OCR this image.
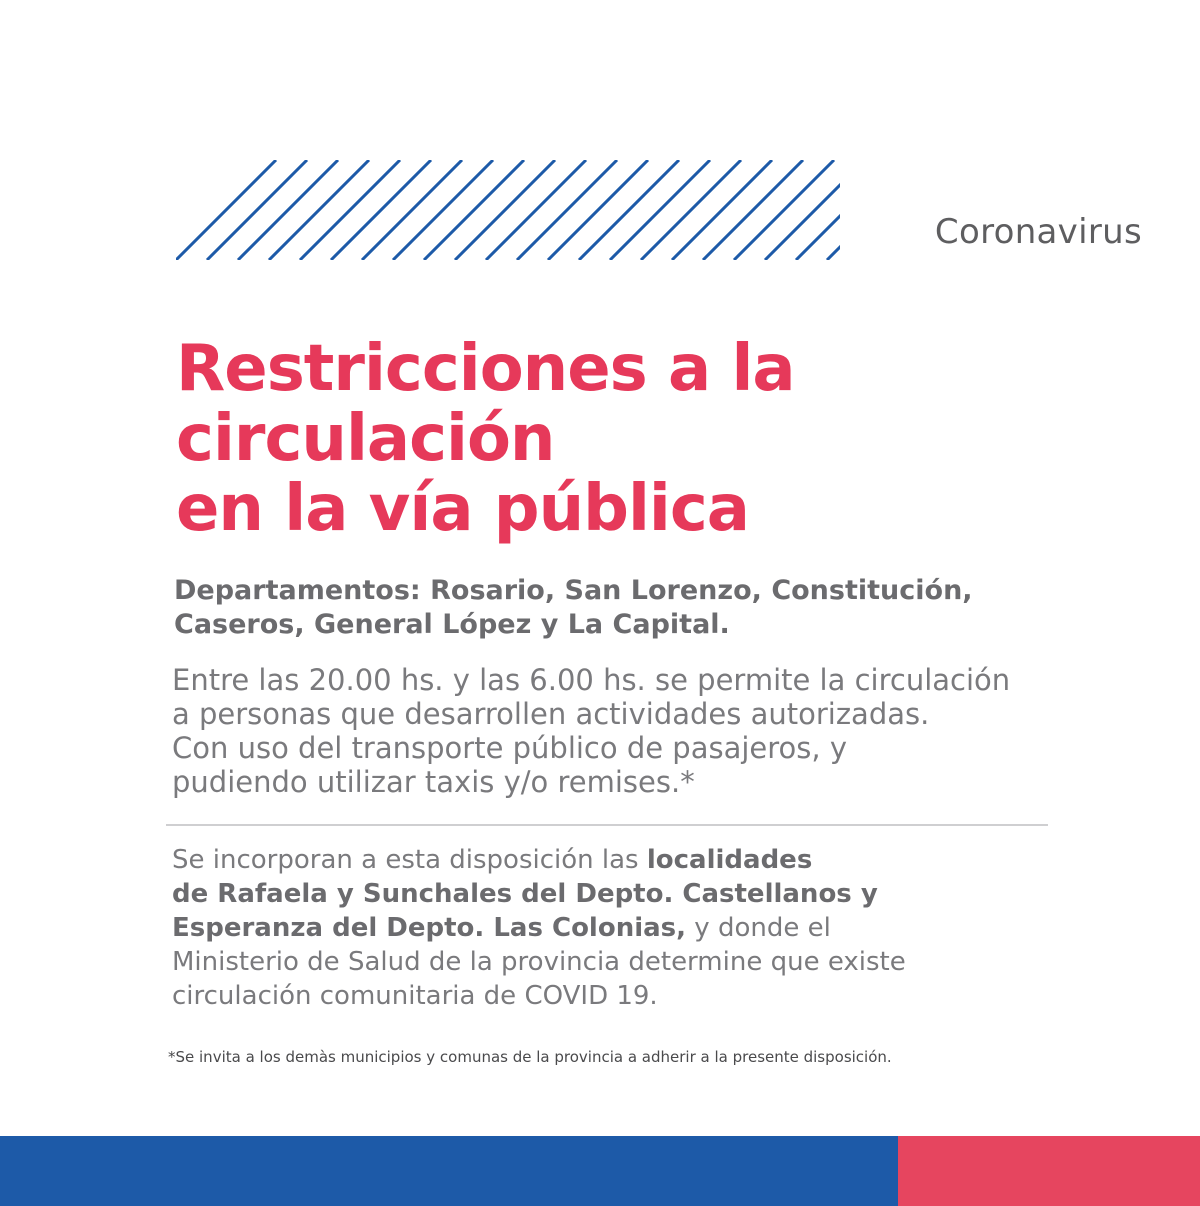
Coronavirus
Restricciones a la
circulación
en la vía pública
Departamentos: Rosario, San Lorenzo, Constitución,
Caseros, General López y La Capital.
Entre las 20.00 hs. y las 6.00 hs. se permite la circulación
a personas que desarrollen actividades autorizadas.
Con uso del transporte público de pasajeros, y
pudiendo utilizar taxis y/o remises.*
Se incorporan a esta disposición las localidades
de Rafaela y Sunchales del Depto. Castellanos y
Esperanza del Depto. Las Colonias, y donde el
Ministerio de Salud de la provincia determine que existe
circulación comunitaria de COVID 19.
*Se invita a los demàs municipios y comunas de la provincia a adherir a la presente disposición.
